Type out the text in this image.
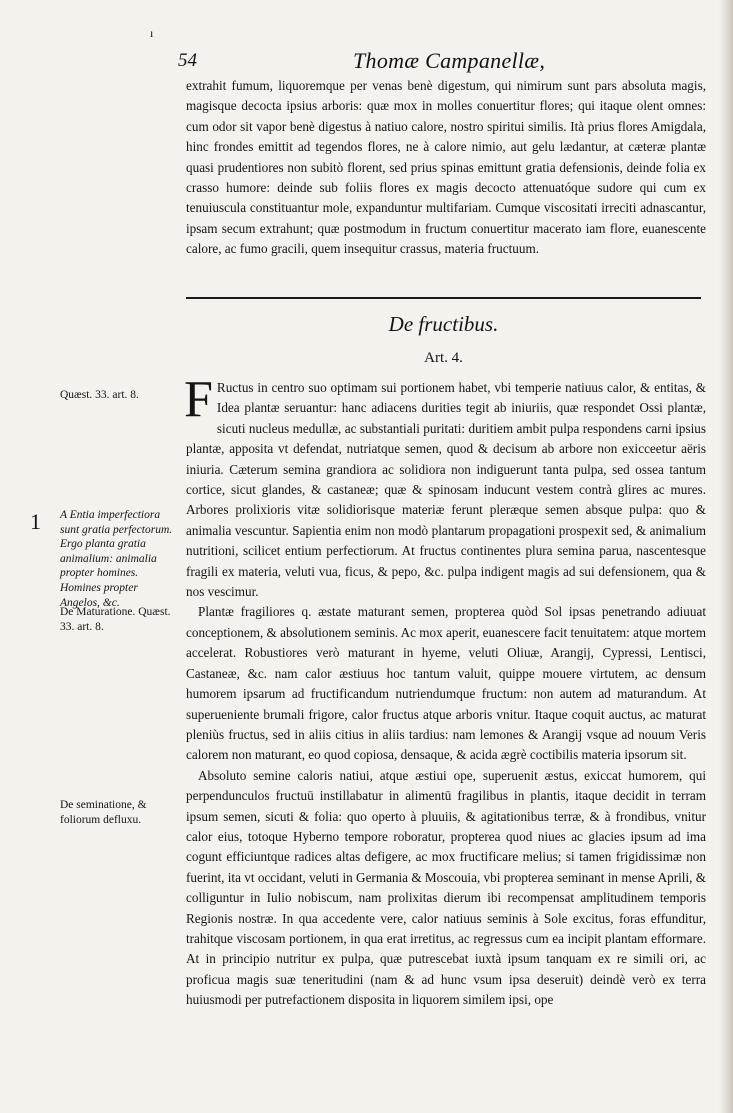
ı
54	Thomæ Campanellæ,

extrahit fumum, liquoremque per venas benè digestum, qui nimirum sunt pars absoluta magis, magisque decocta ipsius arboris: quæ mox in molles conuertitur flores; qui itaque olent omnes: cum odor sit vapor benè digestus à natiuo calore, nostro spiritui similis. Ità prius flores Amigdala, hinc frondes emittit ad tegendos flores, ne à calore nimio, aut gelu lædantur, at cæteræ plantæ quasi prudentiores non subitò florent, sed prius spinas emittunt gratia defensionis, deinde folia ex crasso humore: deinde sub foliis flores ex magis decocto attenuatóque sudore qui cum ex tenuiuscula constituantur mole, expanduntur multifariam. Cumque viscositati irreciti adnascantur, ipsam secum extrahunt; quæ postmodum in fructum conuertitur macerato iam flore, euanescente calore, ac fumo gracili, quem insequitur crassus, materia fructuum.

De fructibus.
Art. 4.

F Ructus in centro suo optimam sui portionem habet, vbi temperie natiuus calor, & entitas, & Idea plantæ seruantur: hanc adiacens durities tegit ab iniuriis, quæ respondet Ossi plantæ, sicuti nucleus medullæ, ac substantiali puritati: duritiem ambit pulpa respondens carni ipsius plantæ, apposita vt defendat, nutriatque semen, quod & decisum ab arbore non exicceetur aëris iniuria. Cæterum semina grandiora ac solidiora non indiguerunt tanta pulpa, sed ossea tantum cortice, sicut glandes, & castaneæ; quæ & spinosam inducunt vestem contrà glires ac mures. Arbores prolixioris vitæ solidiorisque materiæ ferunt pleræque semen absque pulpa: quo & animalia vescuntur. Sapientia enim non modò plantarum propagationi prospexit sed, & animalium nutritioni, scilicet entium perfectiorum. At fructus continentes plura semina parua, nascentesque fragili ex materia, veluti vua, ficus, & pepo, &c. pulpa indigent magis ad sui defensionem, qua & nos vescimur.

Plantæ fragiliores q. æstate maturant semen, propterea quòd Sol ipsas penetrando adiuuat conceptionem, & absolutionem seminis. Ac mox aperit, euanescere facit tenuitatem: atque mortem accelerat. Robustiores verò maturant in hyeme, veluti Oliuæ, Arangij, Cypressi, Lentisci, Castaneæ, &c. nam calor æstiuus hoc tantum valuit, quippe mouere virtutem, ac densum humorem ipsarum ad fructificandum nutriendumque fructum: non autem ad maturandum. At superueniente brumali frigore, calor fructus atque arboris vnitur. Itaque coquit auctus, ac maturat pleniùs fructus, sed in aliis citius in aliis tardius: nam lemones & Arangij vsque ad nouum Veris calorem non maturant, eo quod copiosa, densaque, & acida ægrè coctibilis materia ipsorum sit.

Absoluto semine caloris natiui, atque æstiui ope, superuenit æstus, exiccat humorem, qui perpendunculos fructuū instillabatur in alimentū fragilibus in plantis, itaque decidit in terram ipsum semen, sicuti & folia: quo operto à pluuiis, & agitationibus terræ, & à frondibus, vnitur calor eius, totoque Hyberno tempore roboratur, propterea quod niues ac glacies ipsum ad ima cogunt efficiuntque radices altas defigere, ac mox fructificare melius; si tamen frigidissimæ non fuerint, ita vt occidant, veluti in Germania & Moscouia, vbi propterea seminant in mense Aprili, & colliguntur in Iulio nobiscum, nam prolixitas dierum ibi recompensat amplitudinem temporis Regionis nostræ. In qua accedente vere, calor natiuus seminis à Sole excitus, foras effunditur, trahitque viscosam portionem, in qua erat irretitus, ac regressus cum ea incipit plantam efformare. At in principio nutritur ex pulpa, quæ putrescebat iuxtà ipsum tanquam ex re simili ori, ac proficua magis suæ teneritudini (nam & ad hunc vsum ipsa deseruit) deindè verò ex terra huiusmodi per putrefactionem disposita in liquorem similem ipsi, ope

Quæst. 33. art. 8.
A Entia imperfectiora sunt gratia perfectorum. Ergo planta gratia animalium: animalia propter homines. Homines propter Angelos, &c.
De Maturatione. Quæst. 33. art. 8.
De seminatione, & foliorum defluxu.
1
